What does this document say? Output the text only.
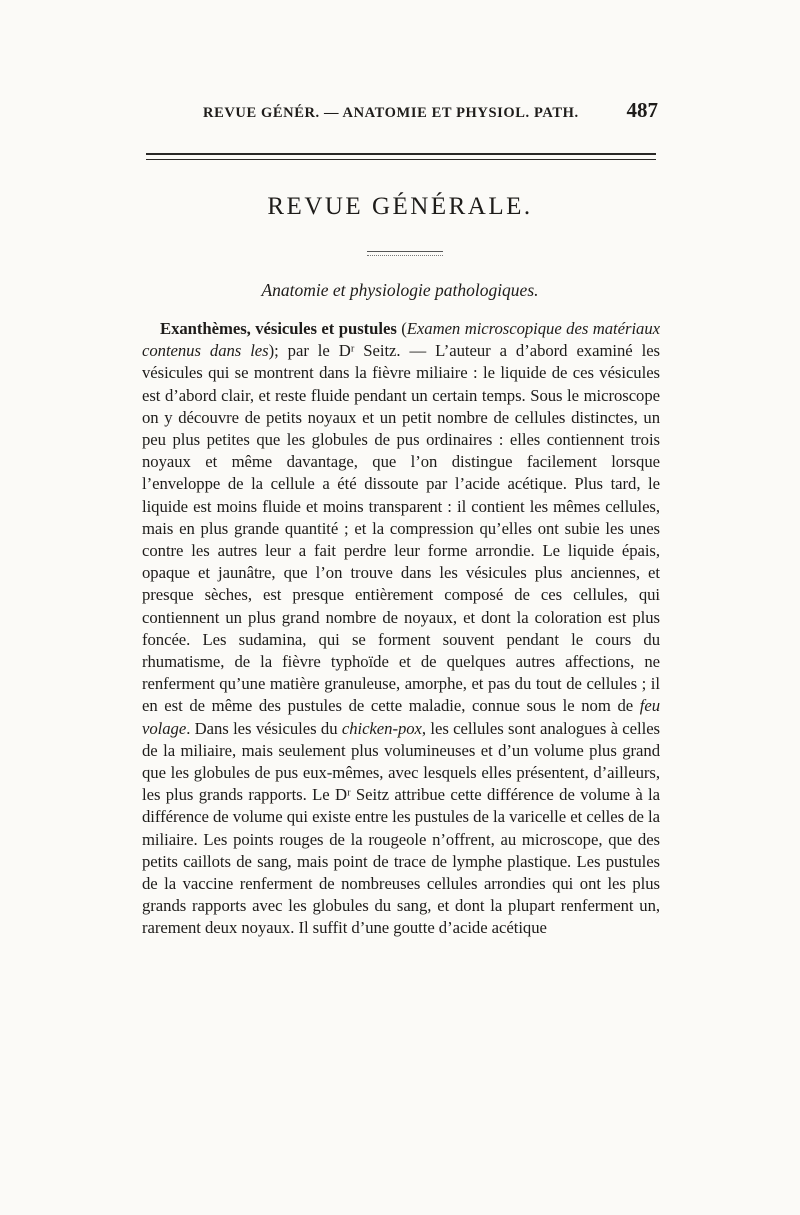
REVUE GÉNÉR. — ANATOMIE ET PHYSIOL. PATH. 487
REVUE GÉNÉRALE.
Anatomie et physiologie pathologiques.

Exanthèmes, vésicules et pustules (Examen microscopique des matériaux contenus dans les); par le Dʳ Seitz. — L’auteur a d’abord examiné les vésicules qui se montrent dans la fièvre miliaire : le liquide de ces vésicules est d’abord clair, et reste fluide pendant un certain temps. Sous le microscope on y découvre de petits noyaux et un petit nombre de cellules distinctes, un peu plus petites que les globules de pus ordinaires : elles contiennent trois noyaux et même davantage, que l’on distingue facilement lorsque l’enveloppe de la cellule a été dissoute par l’acide acétique. Plus tard, le liquide est moins fluide et moins transparent : il contient les mêmes cellules, mais en plus grande quantité ; et la compression qu’elles ont subie les unes contre les autres leur a fait perdre leur forme arrondie. Le liquide épais, opaque et jaunâtre, que l’on trouve dans les vésicules plus anciennes, et presque sèches, est presque entièrement composé de ces cellules, qui contiennent un plus grand nombre de noyaux, et dont la coloration est plus foncée. Les sudamina, qui se forment souvent pendant le cours du rhumatisme, de la fièvre typhoïde et de quelques autres affections, ne renferment qu’une matière granuleuse, amorphe, et pas du tout de cellules ; il en est de même des pustules de cette maladie, connue sous le nom de feu volage. Dans les vésicules du chicken-pox, les cellules sont analogues à celles de la miliaire, mais seulement plus volumineuses et d’un volume plus grand que les globules de pus eux-mêmes, avec lesquels elles présentent, d’ailleurs, les plus grands rapports. Le Dʳ Seitz attribue cette différence de volume à la différence de volume qui existe entre les pustules de la varicelle et celles de la miliaire. Les points rouges de la rougeole n’offrent, au microscope, que des petits caillots de sang, mais point de trace de lymphe plastique. Les pustules de la vaccine renferment de nombreuses cellules arrondies qui ont les plus grands rapports avec les globules du sang, et dont la plupart renferment un, rarement deux noyaux. Il suffit d’une goutte d’acide acétique
